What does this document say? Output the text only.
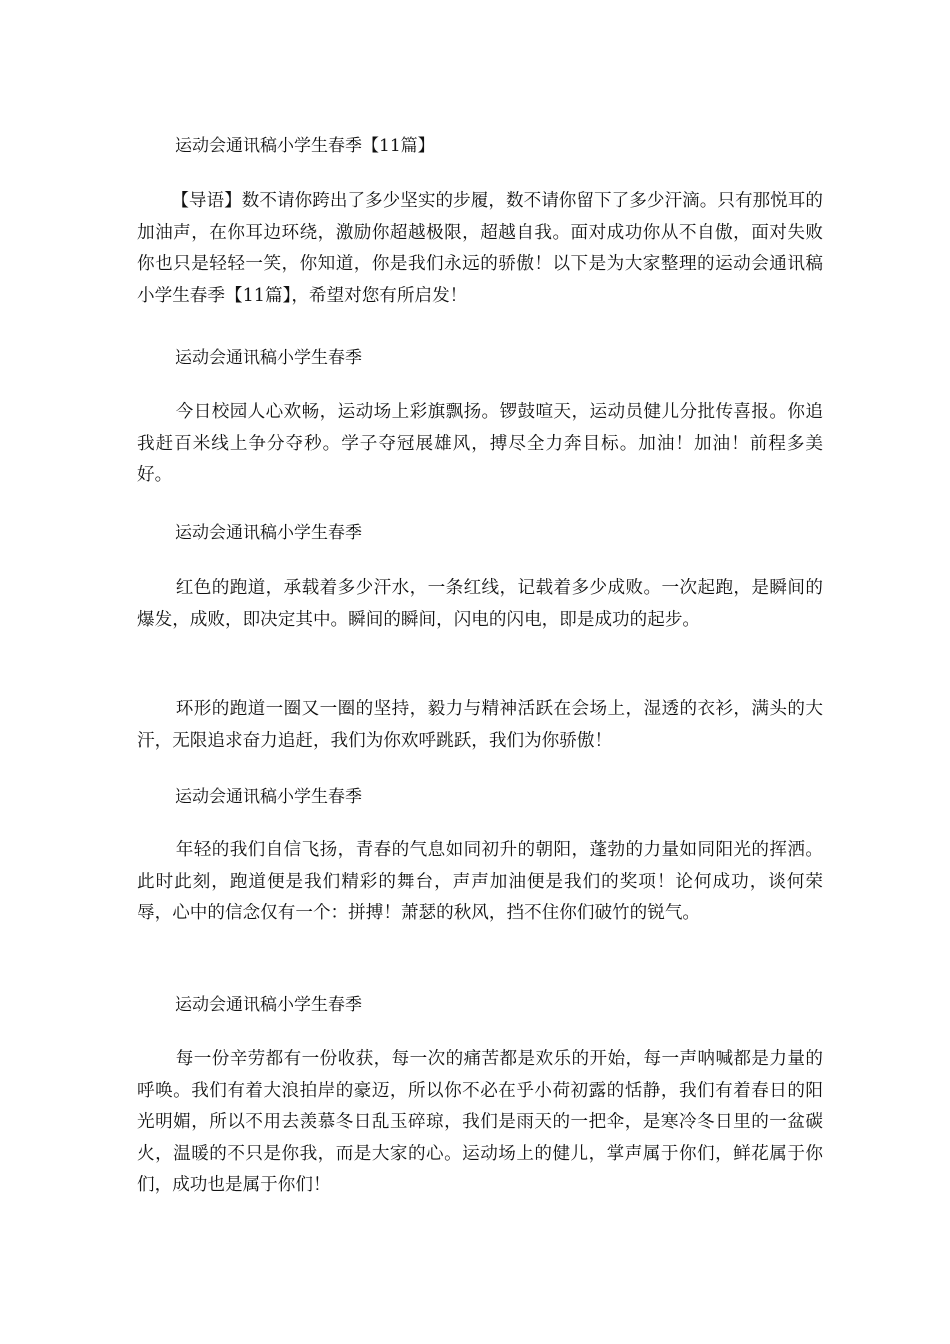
运动会通讯稿小学生春季【11篇】

【导语】数不请你跨出了多少坚实的步履，数不请你留下了多少汗滴。只有那悦耳的加油声，在你耳边环绕，激励你超越极限，超越自我。面对成功你从不自傲，面对失败你也只是轻轻一笑，你知道，你是我们永远的骄傲！以下是为大家整理的运动会通讯稿小学生春季【11篇】，希望对您有所启发！

运动会通讯稿小学生春季

今日校园人心欢畅，运动场上彩旗飘扬。锣鼓喧天，运动员健儿分批传喜报。你追我赶百米线上争分夺秒。学子夺冠展雄风，搏尽全力奔目标。加油！加油！前程多美好。

运动会通讯稿小学生春季

红色的跑道，承载着多少汗水，一条红线，记载着多少成败。一次起跑，是瞬间的爆发，成败，即决定其中。瞬间的瞬间，闪电的闪电，即是成功的起步。

环形的跑道一圈又一圈的坚持，毅力与精神活跃在会场上，湿透的衣衫，满头的大汗，无限追求奋力追赶，我们为你欢呼跳跃，我们为你骄傲！

运动会通讯稿小学生春季

年轻的我们自信飞扬，青春的气息如同初升的朝阳，蓬勃的力量如同阳光的挥洒。此时此刻，跑道便是我们精彩的舞台，声声加油便是我们的奖项！论何成功，谈何荣辱，心中的信念仅有一个：拼搏！萧瑟的秋风，挡不住你们破竹的锐气。

运动会通讯稿小学生春季

每一份辛劳都有一份收获，每一次的痛苦都是欢乐的开始，每一声呐喊都是力量的呼唤。我们有着大浪拍岸的豪迈，所以你不必在乎小荷初露的恬静，我们有着春日的阳光明媚，所以不用去羡慕冬日乱玉碎琼，我们是雨天的一把伞，是寒冷冬日里的一盆碳火，温暖的不只是你我，而是大家的心。运动场上的健儿，掌声属于你们，鲜花属于你们，成功也是属于你们！
